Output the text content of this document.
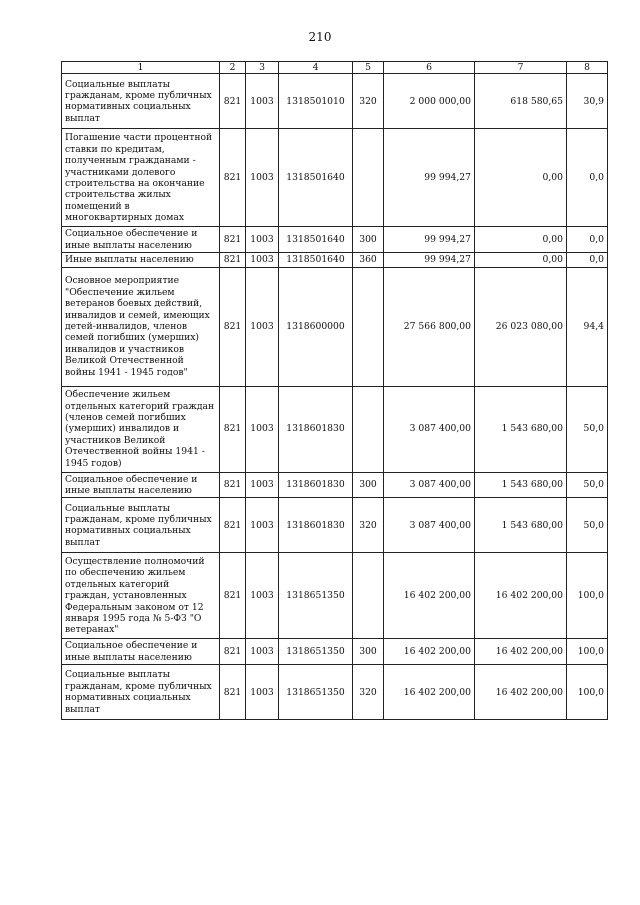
210
1	2	3	4	5	6	7	8
Социальные выплаты гражданам, кроме публичных нормативных социальных выплат	821	1003	1318501010	320	2 000 000,00	618 580,65	30,9
Погашение части процентной ставки по кредитам, полученным гражданами - участниками долевого строительства на окончание строительства жилых помещений в многоквартирных домах	821	1003	1318501640		99 994,27	0,00	0,0
Социальное обеспечение и иные выплаты населению	821	1003	1318501640	300	99 994,27	0,00	0,0
Иные выплаты населению	821	1003	1318501640	360	99 994,27	0,00	0,0
Основное мероприятие "Обеспечение жильем ветеранов боевых действий, инвалидов и семей, имеющих детей-инвалидов, членов семей погибших (умерших) инвалидов и участников Великой Отечественной войны 1941 - 1945 годов"	821	1003	1318600000		27 566 800,00	26 023 080,00	94,4
Обеспечение жильем отдельных категорий граждан (членов семей погибших (умерших) инвалидов и участников Великой Отечественной войны 1941 - 1945 годов)	821	1003	1318601830		3 087 400,00	1 543 680,00	50,0
Социальное обеспечение и иные выплаты населению	821	1003	1318601830	300	3 087 400,00	1 543 680,00	50,0
Социальные выплаты гражданам, кроме публичных нормативных социальных выплат	821	1003	1318601830	320	3 087 400,00	1 543 680,00	50,0
Осуществление полномочий по обеспечению жильем отдельных категорий граждан, установленных Федеральным законом от 12 января 1995 года № 5-ФЗ "О ветеранах"	821	1003	1318651350		16 402 200,00	16 402 200,00	100,0
Социальное обеспечение и иные выплаты населению	821	1003	1318651350	300	16 402 200,00	16 402 200,00	100,0
Социальные выплаты гражданам, кроме публичных нормативных социальных выплат	821	1003	1318651350	320	16 402 200,00	16 402 200,00	100,0
